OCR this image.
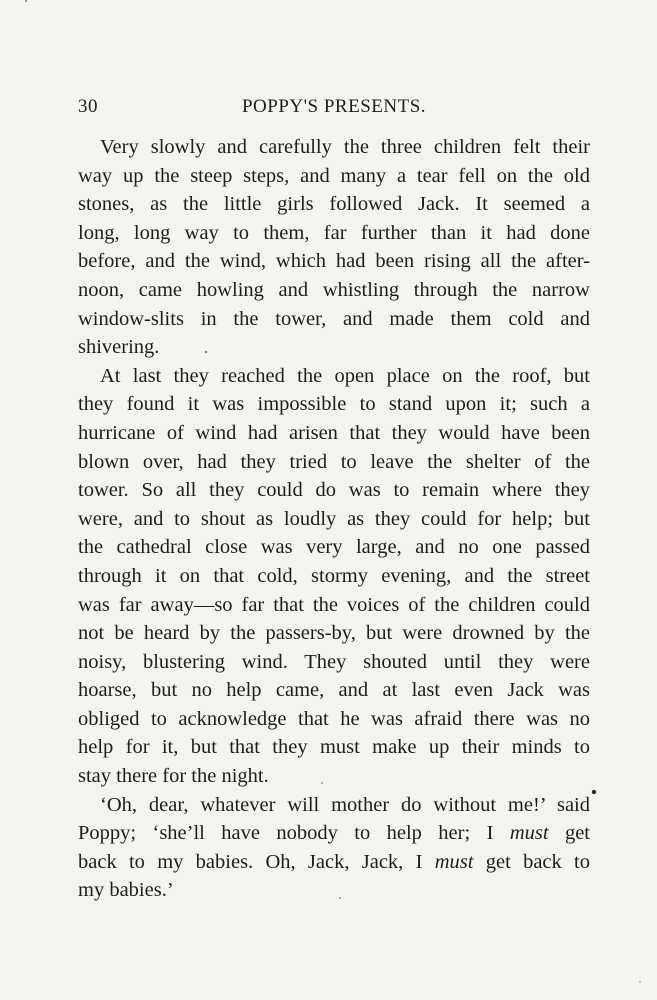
30	POPPY'S PRESENTS.
Very slowly and carefully the three children felt their
way up the steep steps, and many a tear fell on the old
stones, as the little girls followed Jack. It seemed a
long, long way to them, far further than it had done
before, and the wind, which had been rising all the after-
noon, came howling and whistling through the narrow
window-slits in the tower, and made them cold and
shivering.
At last they reached the open place on the roof, but
they found it was impossible to stand upon it; such a
hurricane of wind had arisen that they would have been
blown over, had they tried to leave the shelter of the
tower. So all they could do was to remain where they
were, and to shout as loudly as they could for help; but
the cathedral close was very large, and no one passed
through it on that cold, stormy evening, and the street
was far away—so far that the voices of the children could
not be heard by the passers-by, but were drowned by the
noisy, blustering wind. They shouted until they were
hoarse, but no help came, and at last even Jack was
obliged to acknowledge that he was afraid there was no
help for it, but that they must make up their minds to
stay there for the night.
‘Oh, dear, whatever will mother do without me!’ said
Poppy; ‘she’ll have nobody to help her; I must get
back to my babies. Oh, Jack, Jack, I must get back to
my babies.’
